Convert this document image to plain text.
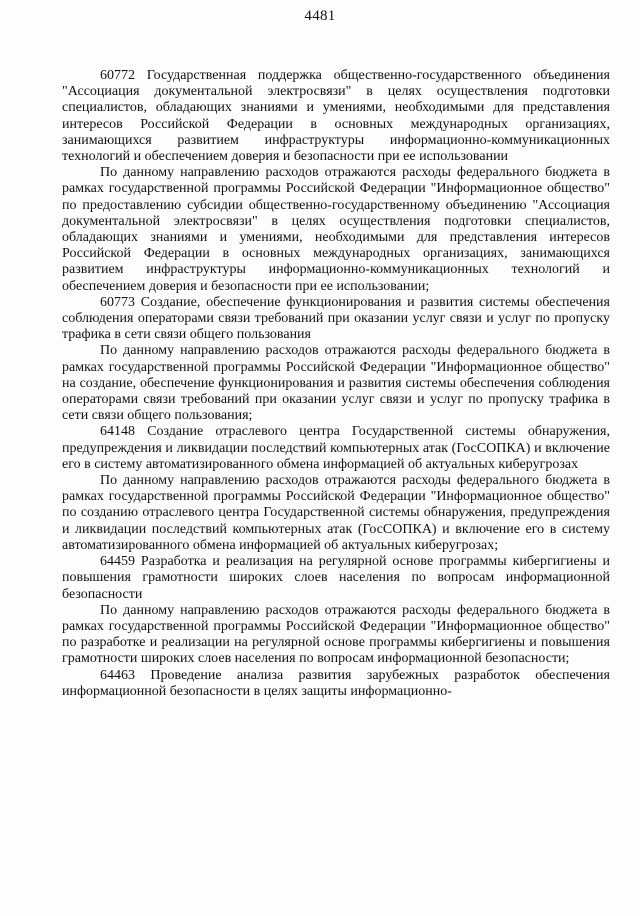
4481

60772 Государственная поддержка общественно-государственного объединения "Ассоциация документальной электросвязи" в целях осуществления подготовки специалистов, обладающих знаниями и умениями, необходимыми для представления интересов Российской Федерации в основных международных организациях, занимающихся развитием инфраструктуры информационно-коммуникационных технологий и обеспечением доверия и безопасности при ее использовании

По данному направлению расходов отражаются расходы федерального бюджета в рамках государственной программы Российской Федерации "Информационное общество" по предоставлению субсидии общественно-государственному объединению "Ассоциация документальной электросвязи" в целях осуществления подготовки специалистов, обладающих знаниями и умениями, необходимыми для представления интересов Российской Федерации в основных международных организациях, занимающихся развитием инфраструктуры информационно-коммуникационных технологий и обеспечением доверия и безопасности при ее использовании;

60773 Создание, обеспечение функционирования и развития системы обеспечения соблюдения операторами связи требований при оказании услуг связи и услуг по пропуску трафика в сети связи общего пользования

По данному направлению расходов отражаются расходы федерального бюджета в рамках государственной программы Российской Федерации "Информационное общество" на создание, обеспечение функционирования и развития системы обеспечения соблюдения операторами связи требований при оказании услуг связи и услуг по пропуску трафика в сети связи общего пользования;

64148 Создание отраслевого центра Государственной системы обнаружения, предупреждения и ликвидации последствий компьютерных атак (ГосСОПКА) и включение его в систему автоматизированного обмена информацией об актуальных киберугрозах

По данному направлению расходов отражаются расходы федерального бюджета в рамках государственной программы Российской Федерации "Информационное общество" по созданию отраслевого центра Государственной системы обнаружения, предупреждения и ликвидации последствий компьютерных атак (ГосСОПКА) и включение его в систему автоматизированного обмена информацией об актуальных киберугрозах;

64459 Разработка и реализация на регулярной основе программы кибергигиены и повышения грамотности широких слоев населения по вопросам информационной безопасности

По данному направлению расходов отражаются расходы федерального бюджета в рамках государственной программы Российской Федерации "Информационное общество" по разработке и реализации на регулярной основе программы кибергигиены и повышения грамотности широких слоев населения по вопросам информационной безопасности;

64463 Проведение анализа развития зарубежных разработок обеспечения информационной безопасности в целях защиты информационно-
